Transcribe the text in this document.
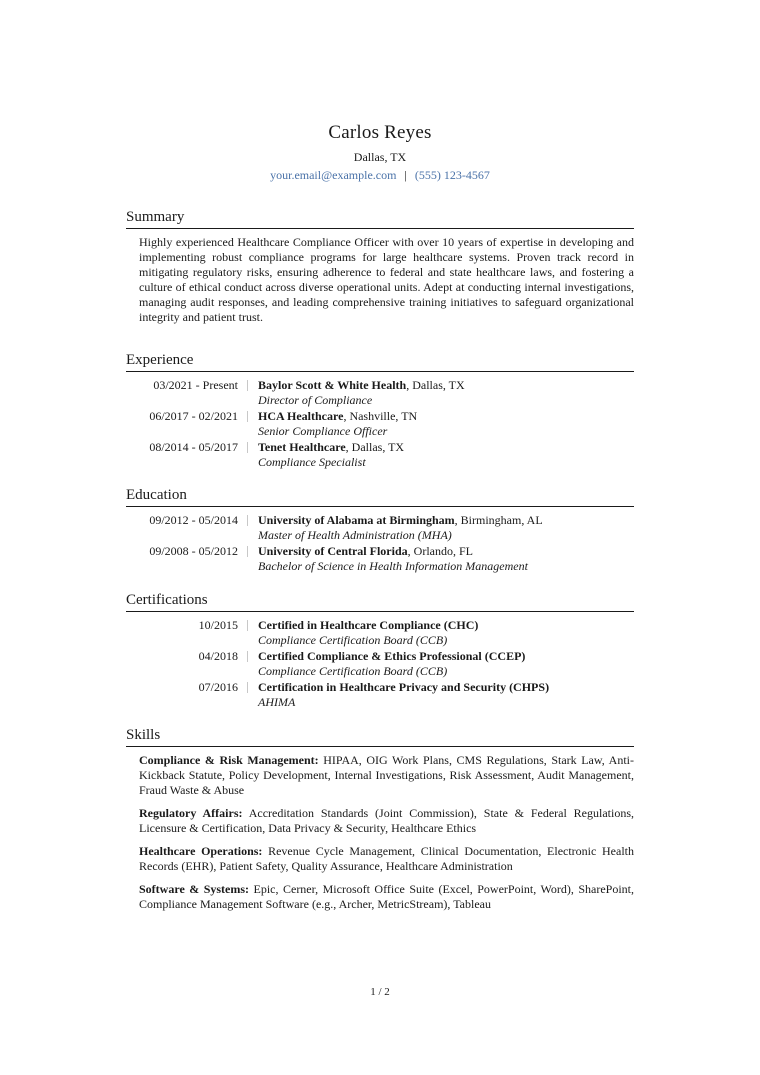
Carlos Reyes
Dallas, TX
your.email@example.com | (555) 123-4567
Summary
Highly experienced Healthcare Compliance Officer with over 10 years of expertise in developing and implementing robust compliance programs for large healthcare systems. Proven track record in mitigating regulatory risks, ensuring adherence to federal and state healthcare laws, and fostering a culture of ethical conduct across diverse operational units. Adept at conducting internal investigations, managing audit responses, and leading comprehensive training initiatives to safeguard organizational integrity and patient trust.
Experience
03/2021 - Present Baylor Scott & White Health, Dallas, TX
Director of Compliance
06/2017 - 02/2021 HCA Healthcare, Nashville, TN
Senior Compliance Officer
08/2014 - 05/2017 Tenet Healthcare, Dallas, TX
Compliance Specialist
Education
09/2012 - 05/2014 University of Alabama at Birmingham, Birmingham, AL
Master of Health Administration (MHA)
09/2008 - 05/2012 University of Central Florida, Orlando, FL
Bachelor of Science in Health Information Management
Certifications
10/2015 Certified in Healthcare Compliance (CHC)
Compliance Certification Board (CCB)
04/2018 Certified Compliance & Ethics Professional (CCEP)
Compliance Certification Board (CCB)
07/2016 Certification in Healthcare Privacy and Security (CHPS)
AHIMA
Skills
Compliance & Risk Management: HIPAA, OIG Work Plans, CMS Regulations, Stark Law, Anti-Kickback Statute, Policy Development, Internal Investigations, Risk Assessment, Audit Management, Fraud Waste & Abuse
Regulatory Affairs: Accreditation Standards (Joint Commission), State & Federal Regulations, Licensure & Certification, Data Privacy & Security, Healthcare Ethics
Healthcare Operations: Revenue Cycle Management, Clinical Documentation, Electronic Health Records (EHR), Patient Safety, Quality Assurance, Healthcare Administration
Software & Systems: Epic, Cerner, Microsoft Office Suite (Excel, PowerPoint, Word), SharePoint, Compliance Management Software (e.g., Archer, MetricStream), Tableau
1 / 2
